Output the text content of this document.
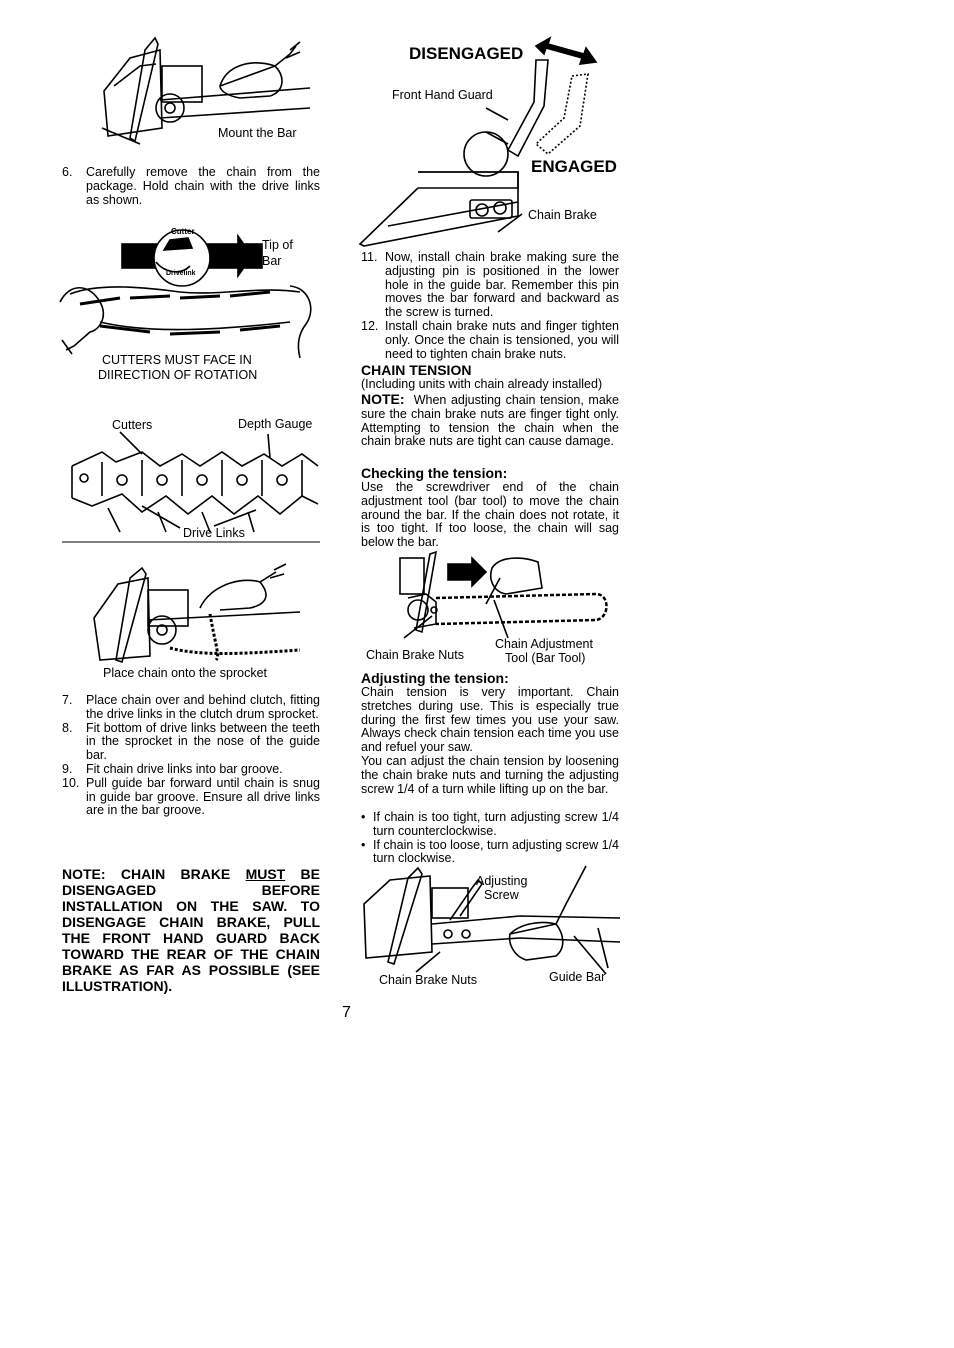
Mount the Bar
6.	Carefully remove the chain from the package. Hold chain with the drive links as shown.
Cutter
Drivelink
Tip of
Bar
CUTTERS MUST FACE IN
DIIRECTION OF ROTATION
Cutters	Depth Gauge
Drive Links
Place chain onto the sprocket
7.	Place chain over and behind clutch, fitting the drive links in the clutch drum sprocket.
8.	Fit bottom of drive links between the teeth in the sprocket in the nose of the guide bar.
9.	Fit chain drive links into bar groove.
10. Pull guide bar forward until chain is snug in guide bar groove. Ensure all drive links are in the bar groove.
NOTE: CHAIN BRAKE MUST BE DISENGAGED BEFORE INSTALLATION ON THE SAW. TO DISENGAGE CHAIN BRAKE, PULL THE FRONT HAND GUARD BACK TOWARD THE REAR OF THE CHAIN BRAKE AS FAR AS POSSIBLE (SEE ILLUSTRATION).
DISENGAGED
ENGAGED
Front Hand Guard
Chain Brake
11. Now, install chain brake making sure the adjusting pin is positioned in the lower hole in the guide bar. Remember this pin moves the bar forward and backward as the screw is turned.
12. Install chain brake nuts and finger tighten only. Once the chain is tensioned, you will need to tighten chain brake nuts.
CHAIN TENSION
(Including units with chain already installed)
NOTE: When adjusting chain tension, make sure the chain brake nuts are finger tight only. Attempting to tension the chain when the chain brake nuts are tight can cause damage.
Checking the tension:
Use the screwdriver end of the chain adjustment tool (bar tool) to move the chain around the bar. If the chain does not rotate, it is too tight. If too loose, the chain will sag below the bar.
Chain Brake Nuts
Chain Adjustment
Tool (Bar Tool)
Adjusting the tension:
Chain tension is very important. Chain stretches during use. This is especially true during the first few times you use your saw. Always check chain tension each time you use and refuel your saw.
You can adjust the chain tension by loosening the chain brake nuts and turning the adjusting screw 1/4 of a turn while lifting up on the bar.
• If chain is too tight, turn adjusting screw 1/4 turn counterclockwise.
• If chain is too loose, turn adjusting screw 1/4 turn clockwise.
Adjusting
Screw
Chain Brake Nuts	Guide Bar
7
